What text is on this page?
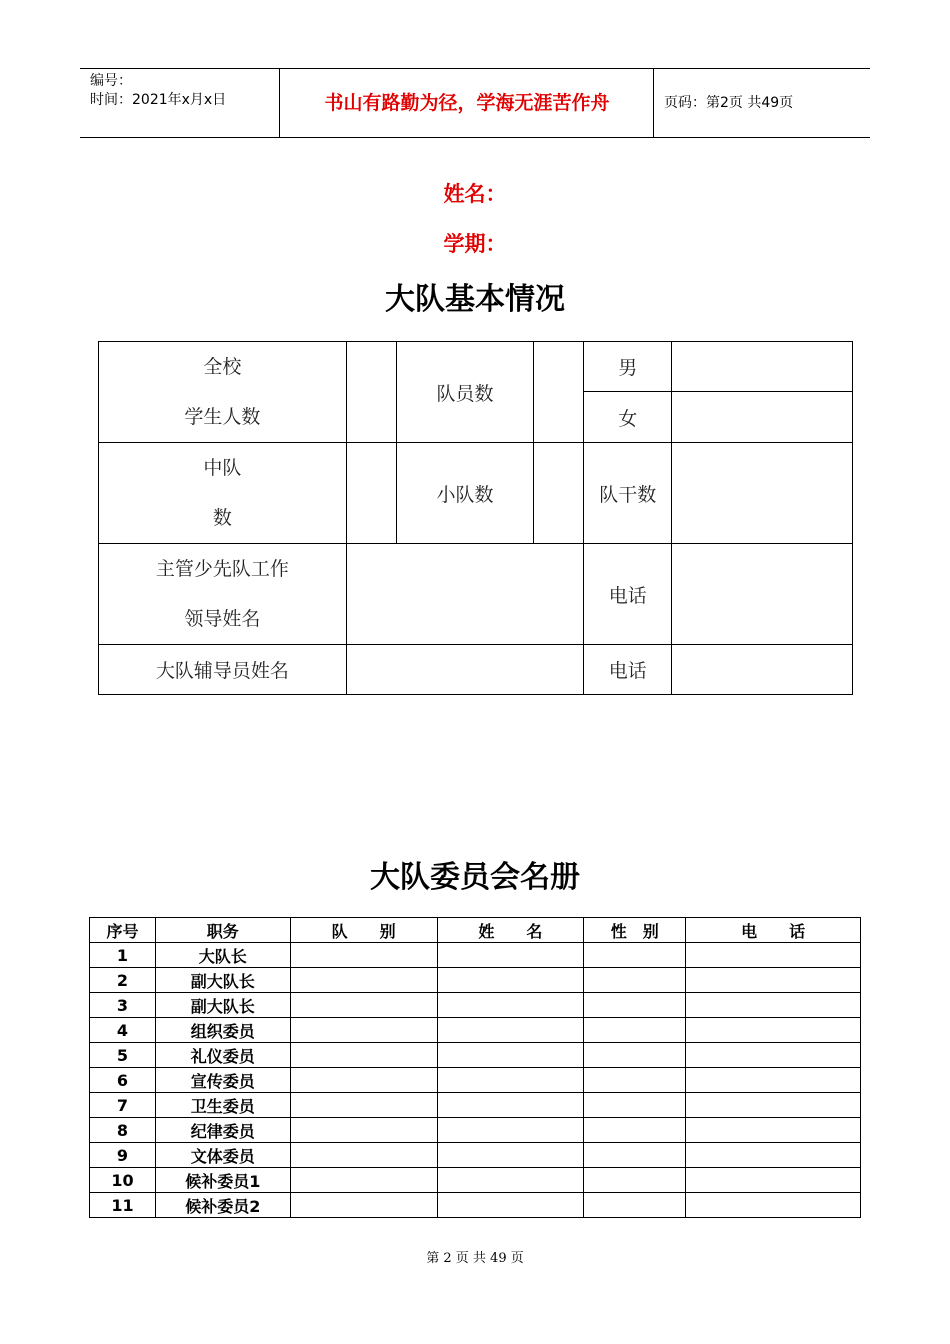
编号：
时间：2021年x月x日	书山有路勤为径，学海无涯苦作舟	页码：第2页 共49页
姓名：
学期：
大队基本情况
全校
学生人数		队员数		男	
				女	

中队
数		小队数		队干数	

主管少先队工作
领导姓名				电话	
大队辅导员姓名				电话	
大队委员会名册
序号	职务	队　　别	姓　　名	性　别	电　　话
1	大队长				
2	副大队长				
3	副大队长				
4	组织委员				
5	礼仪委员				
6	宣传委员				
7	卫生委员				
8	纪律委员				
9	文体委员				
10	候补委员1				
11	候补委员2				
第 2 页 共 49 页
